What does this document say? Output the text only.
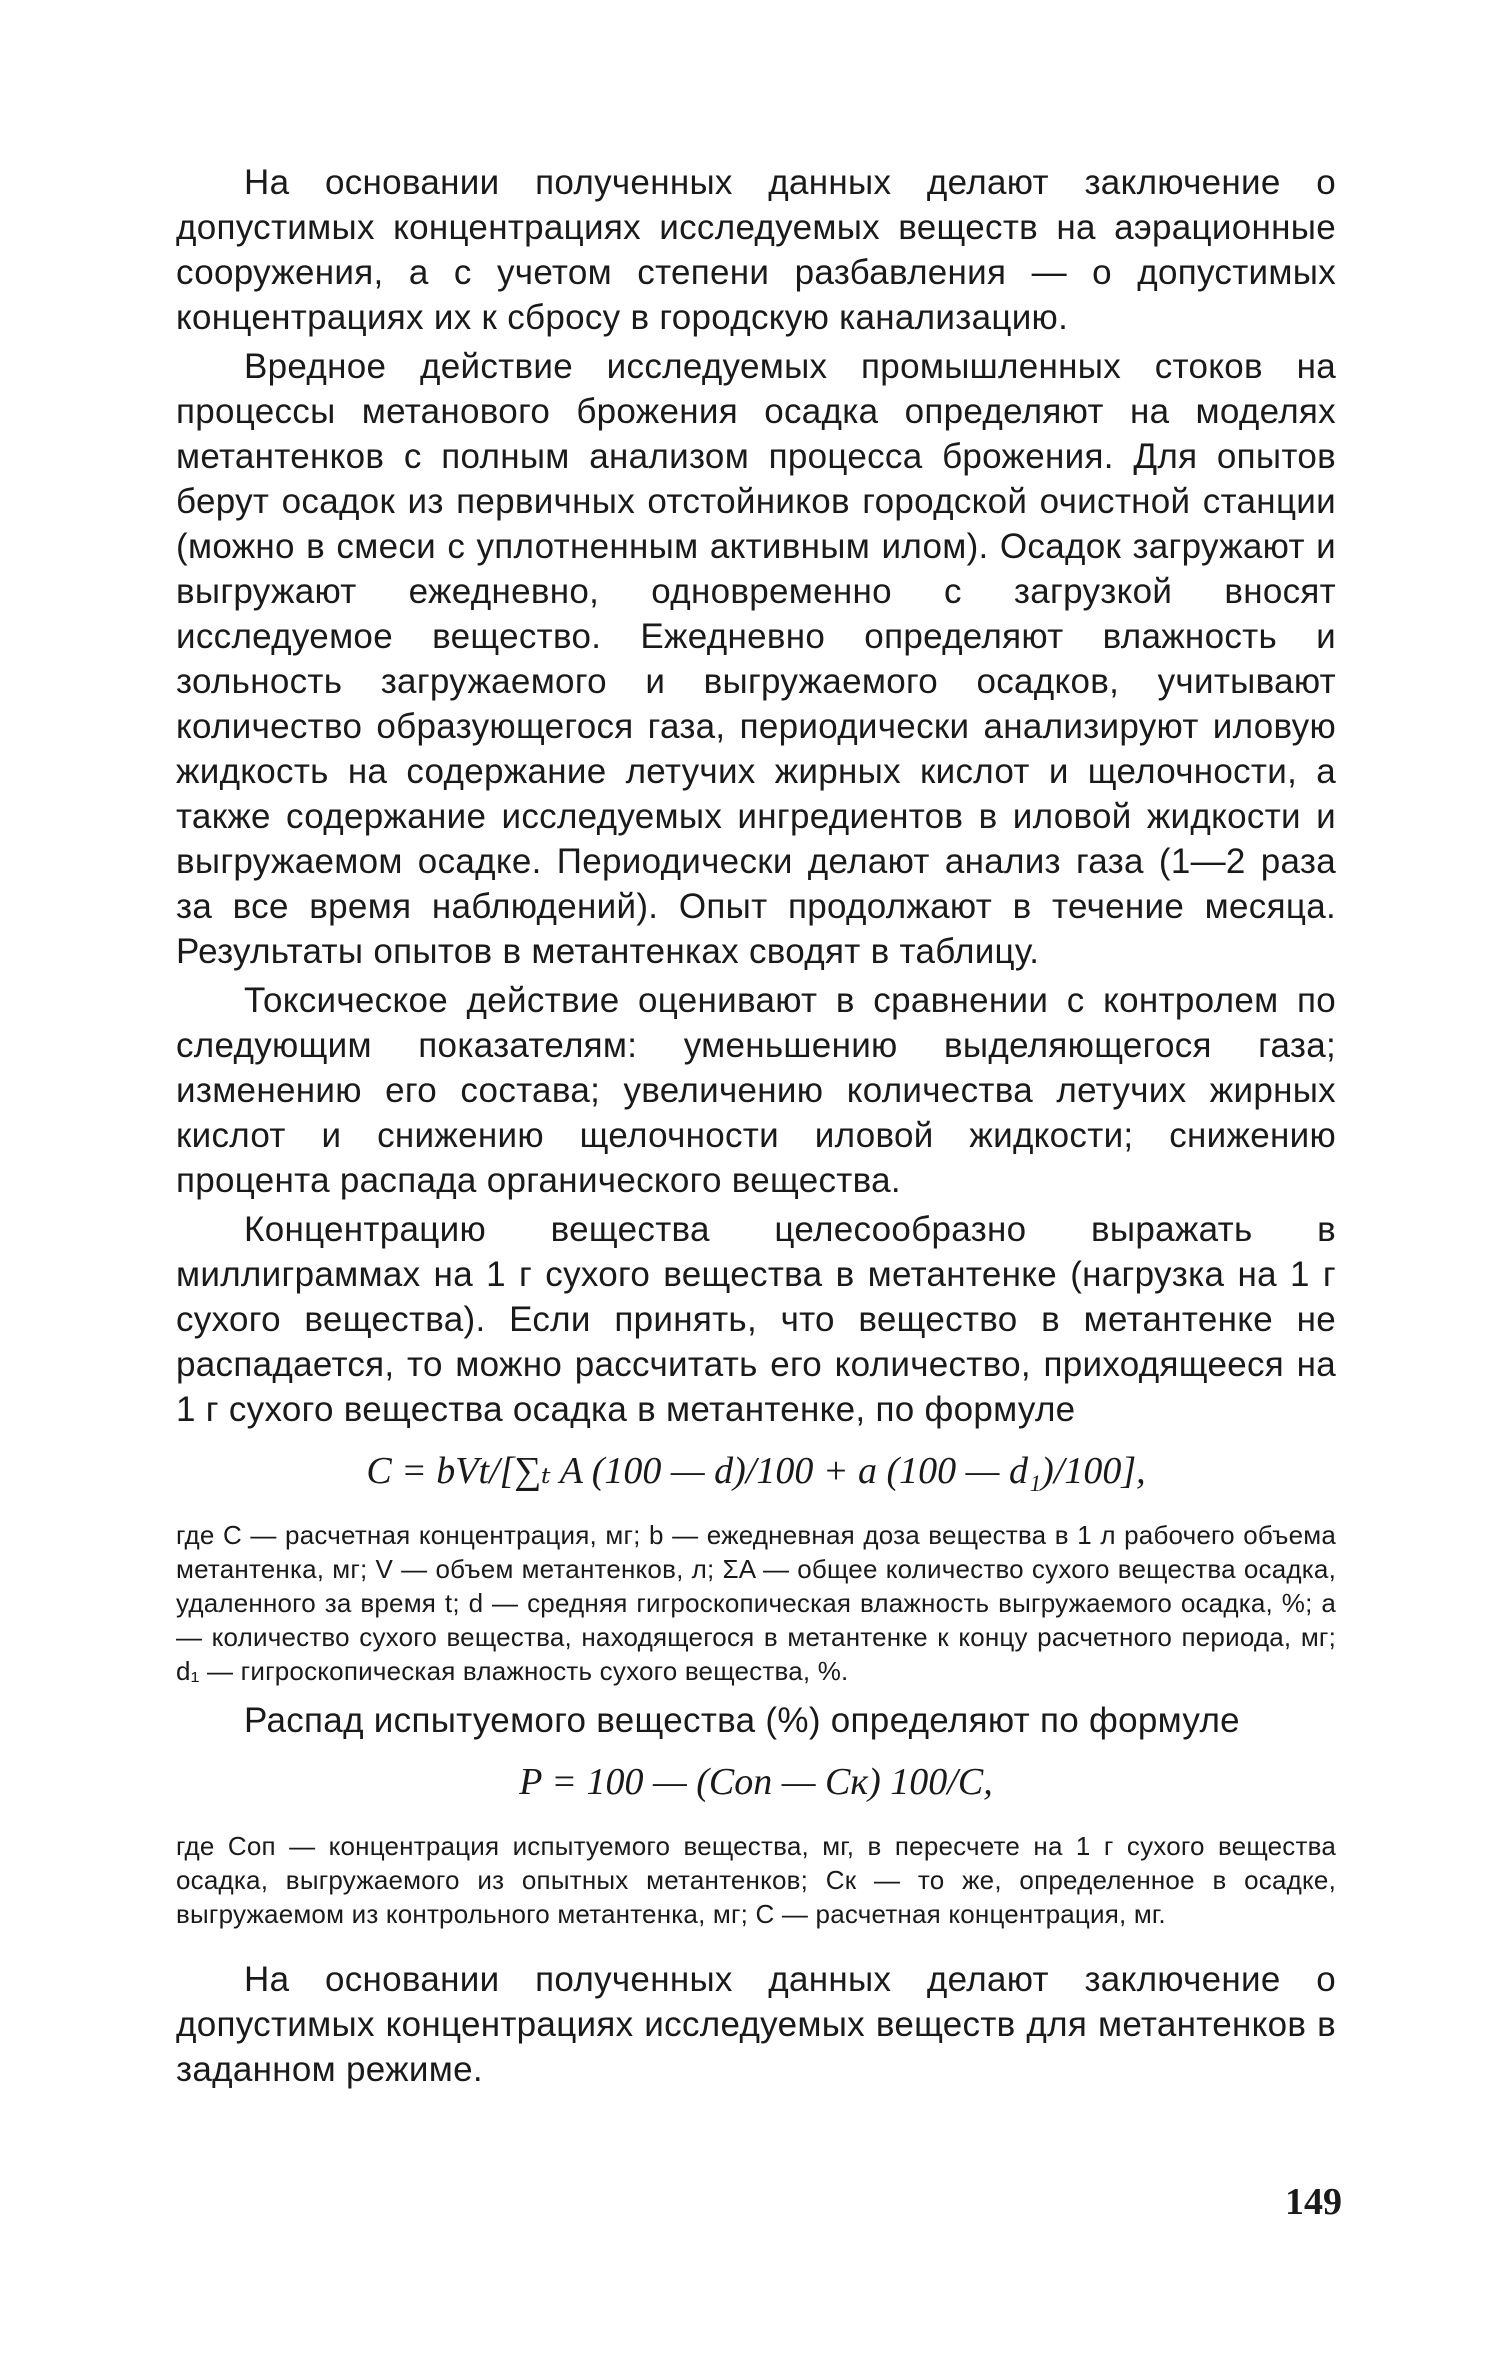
На основании полученных данных делают заключение о допустимых концентрациях исследуемых веществ на аэрационные сооружения, а с учетом степени разбавления — о допустимых концентрациях их к сбросу в городскую канализацию.

Вредное действие исследуемых промышленных стоков на процессы метанового брожения осадка определяют на моделях метантенков с полным анализом процесса брожения. Для опытов берут осадок из первичных отстойников городской очистной станции (можно в смеси с уплотненным активным илом). Осадок загружают и выгружают ежедневно, одновременно с загрузкой вносят исследуемое вещество. Ежедневно определяют влажность и зольность загружаемого и выгружаемого осадков, учитывают количество образующегося газа, периодически анализируют иловую жидкость на содержание летучих жирных кислот и щелочности, а также содержание исследуемых ингредиентов в иловой жидкости и выгружаемом осадке. Периодически делают анализ газа (1—2 раза за все время наблюдений). Опыт продолжают в течение месяца. Результаты опытов в метантенках сводят в таблицу.

Токсическое действие оценивают в сравнении с контролем по следующим показателям: уменьшению выделяющегося газа; изменению его состава; увеличению количества летучих жирных кислот и снижению щелочности иловой жидкости; снижению процента распада органического вещества.

Концентрацию вещества целесообразно выражать в миллиграммах на 1 г сухого вещества в метантенке (нагрузка на 1 г сухого вещества). Если принять, что вещество в метантенке не распадается, то можно рассчитать его количество, приходящееся на 1 г сухого вещества осадка в метантенке, по формуле

C = bVt/[∑ₜ A (100 — d)/100 + a (100 — d₁)/100],

где C — расчетная концентрация, мг; b — ежедневная доза вещества в 1 л рабочего объема метантенка, мг; V — объем метантенков, л; ΣA — общее количество сухого вещества осадка, удаленного за время t; d — средняя гигроскопическая влажность выгружаемого осадка, %; a — количество сухого вещества, находящегося в метантенке к концу расчетного периода, мг; d₁ — гигроскопическая влажность сухого вещества, %.

Распад испытуемого вещества (%) определяют по формуле

P = 100 — (Cоп — Cк) 100/C,

где Cоп — концентрация испытуемого вещества, мг, в пересчете на 1 г сухого вещества осадка, выгружаемого из опытных метантенков; Cк — то же, определенное в осадке, выгружаемом из контрольного метантенка, мг; C — расчетная концентрация, мг.

На основании полученных данных делают заключение о допустимых концентрациях исследуемых веществ для метантенков в заданном режиме.

149
